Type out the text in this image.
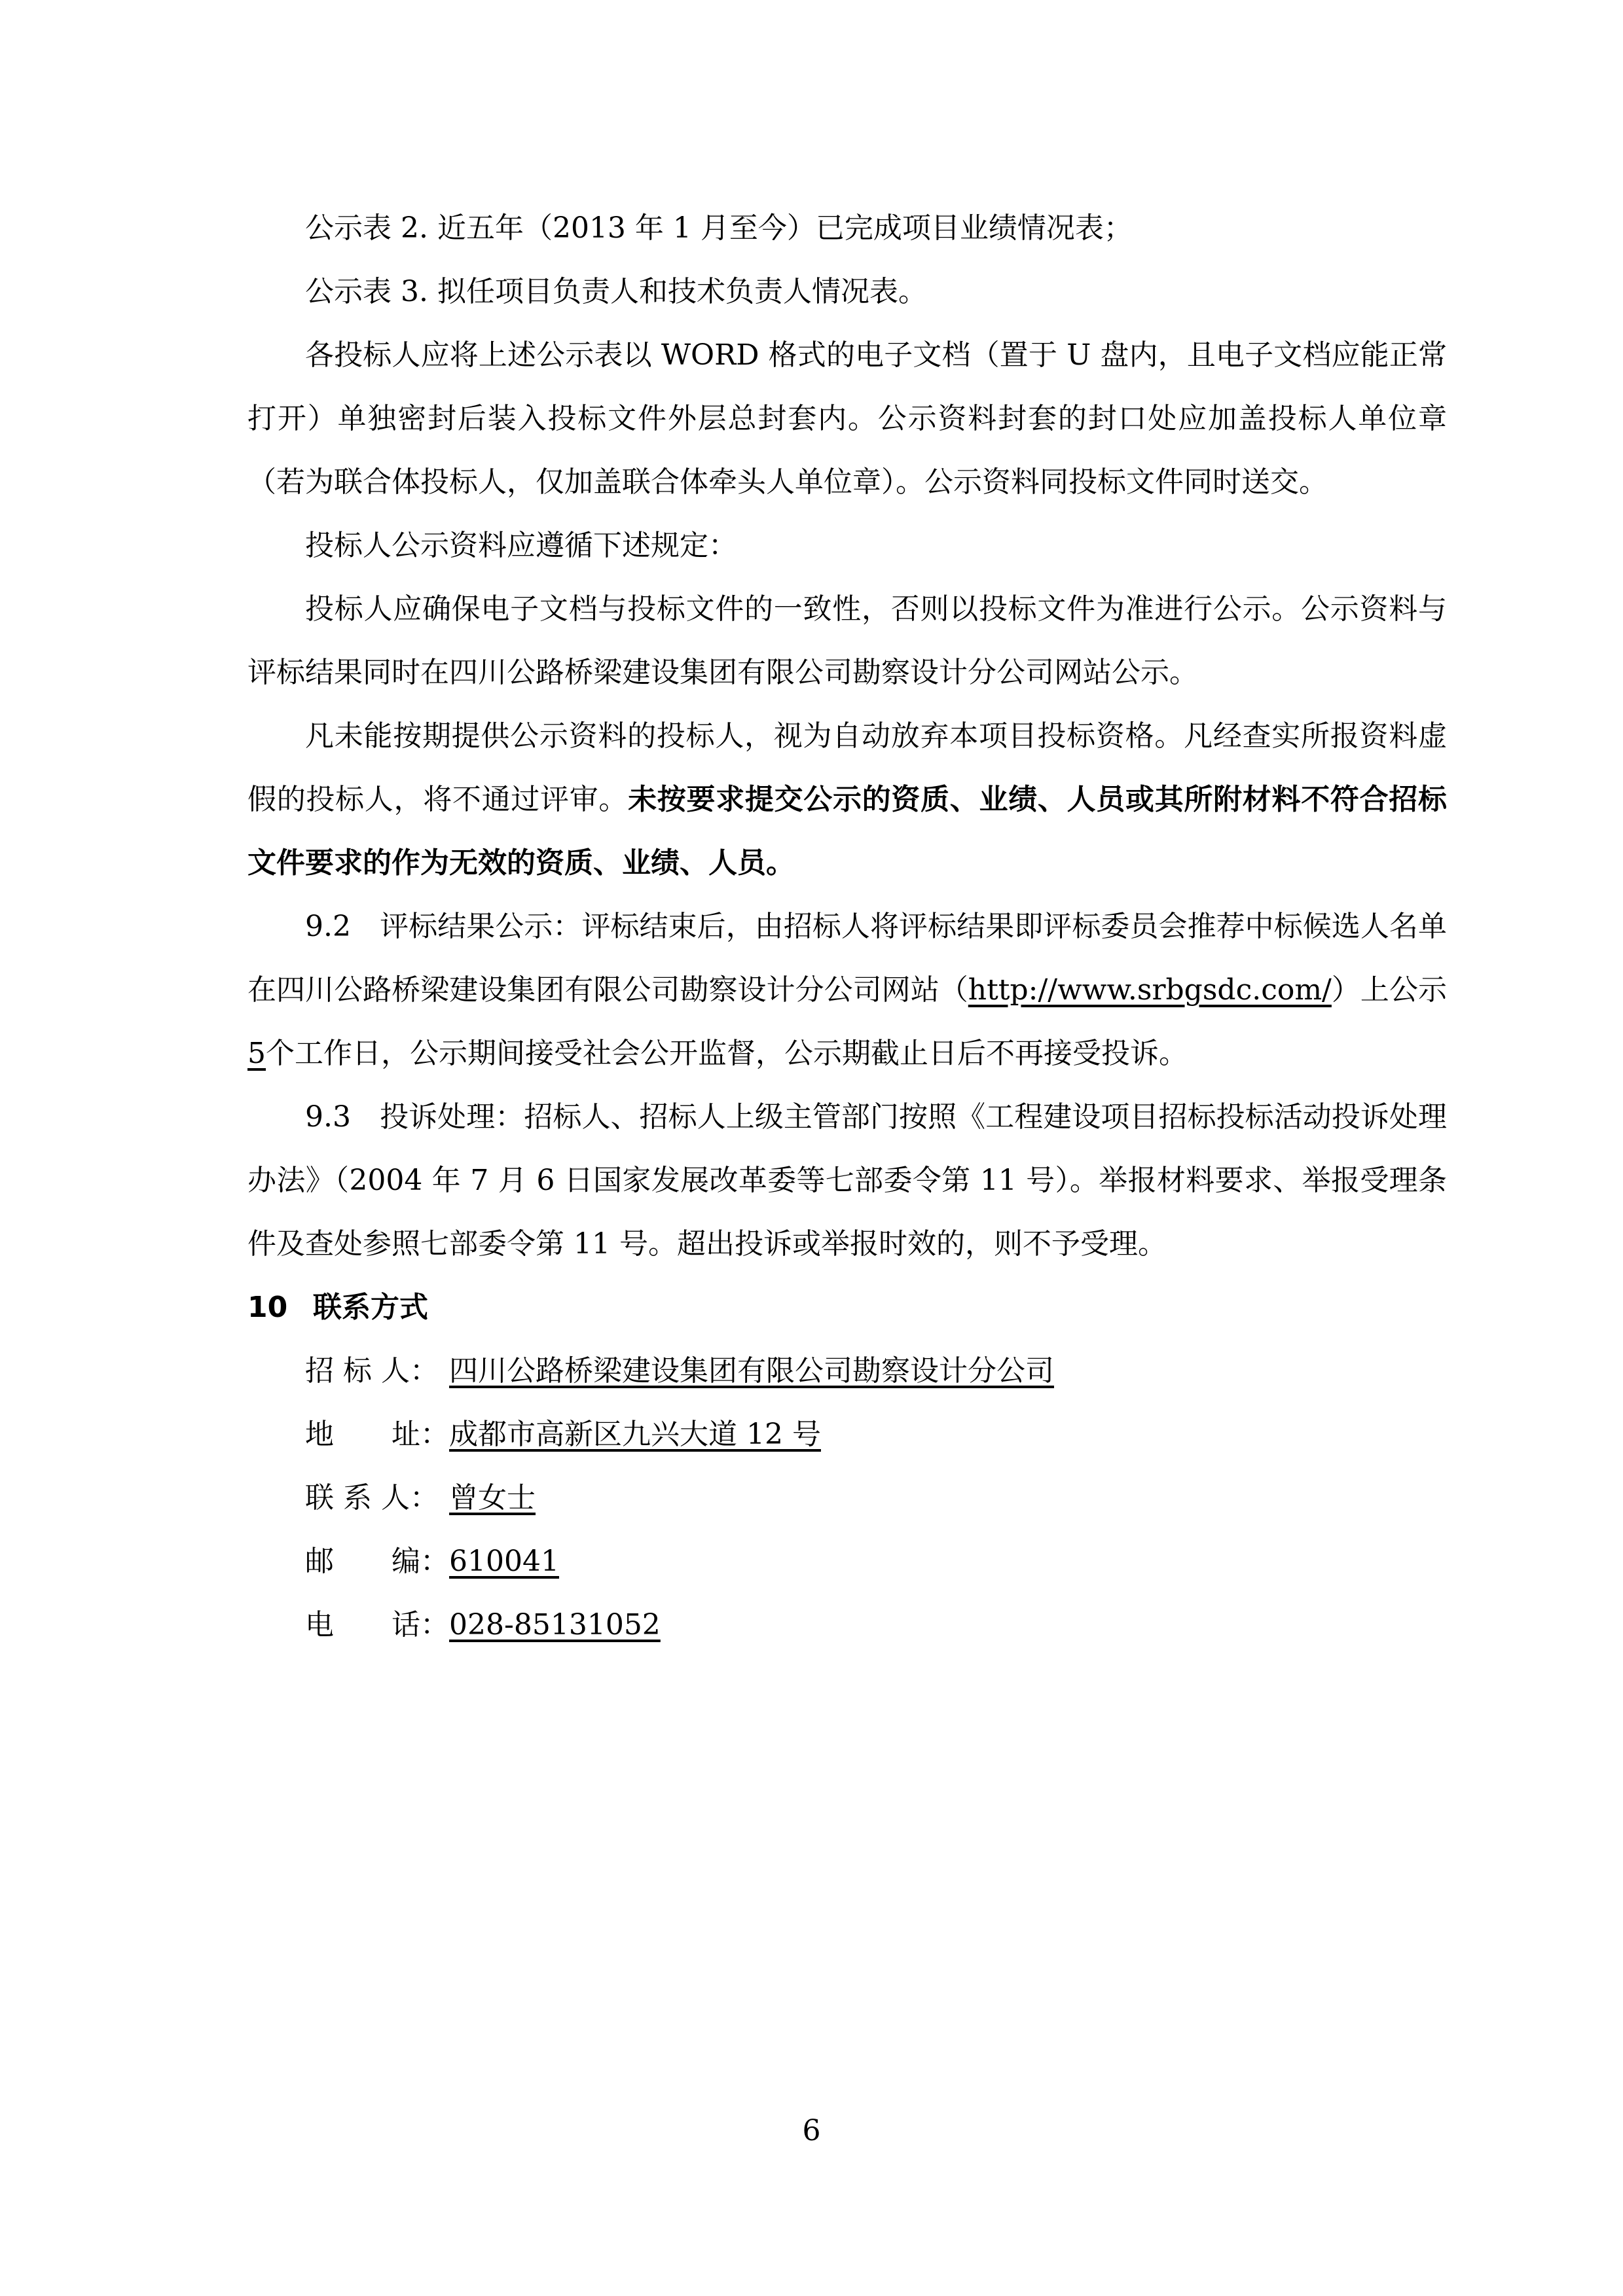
公示表 2. 近五年（2013 年 1 月至今）已完成项目业绩情况表；

公示表 3. 拟任项目负责人和技术负责人情况表。

各投标人应将上述公示表以 WORD 格式的电子文档（置于 U 盘内，且电子文档应能正常打开）单独密封后装入投标文件外层总封套内。公示资料封套的封口处应加盖投标人单位章（若为联合体投标人，仅加盖联合体牵头人单位章）。公示资料同投标文件同时送交。

投标人公示资料应遵循下述规定：

投标人应确保电子文档与投标文件的一致性，否则以投标文件为准进行公示。公示资料与评标结果同时在四川公路桥梁建设集团有限公司勘察设计分公司网站公示。

凡未能按期提供公示资料的投标人，视为自动放弃本项目投标资格。凡经查实所报资料虚假的投标人，将不通过评审。未按要求提交公示的资质、业绩、人员或其所附材料不符合招标文件要求的作为无效的资质、业绩、人员。

9.2　评标结果公示：评标结束后，由招标人将评标结果即评标委员会推荐中标候选人名单在四川公路桥梁建设集团有限公司勘察设计分公司网站（http://www.srbgsdc.com/）上公示5个工作日，公示期间接受社会公开监督，公示期截止日后不再接受投诉。

9.3　投诉处理：招标人、招标人上级主管部门按照《工程建设项目招标投标活动投诉处理办法》（2004 年 7 月 6 日国家发展改革委等七部委令第 11 号）。举报材料要求、举报受理条件及查处参照七部委令第 11 号。超出投诉或举报时效的，则不予受理。

10 联系方式
招 标 人： 四川公路桥梁建设集团有限公司勘察设计分公司
地　　址： 成都市高新区九兴大道 12 号
联 系 人： 曾女士
邮　　编： 610041
电　　话： 028-85131052
6
